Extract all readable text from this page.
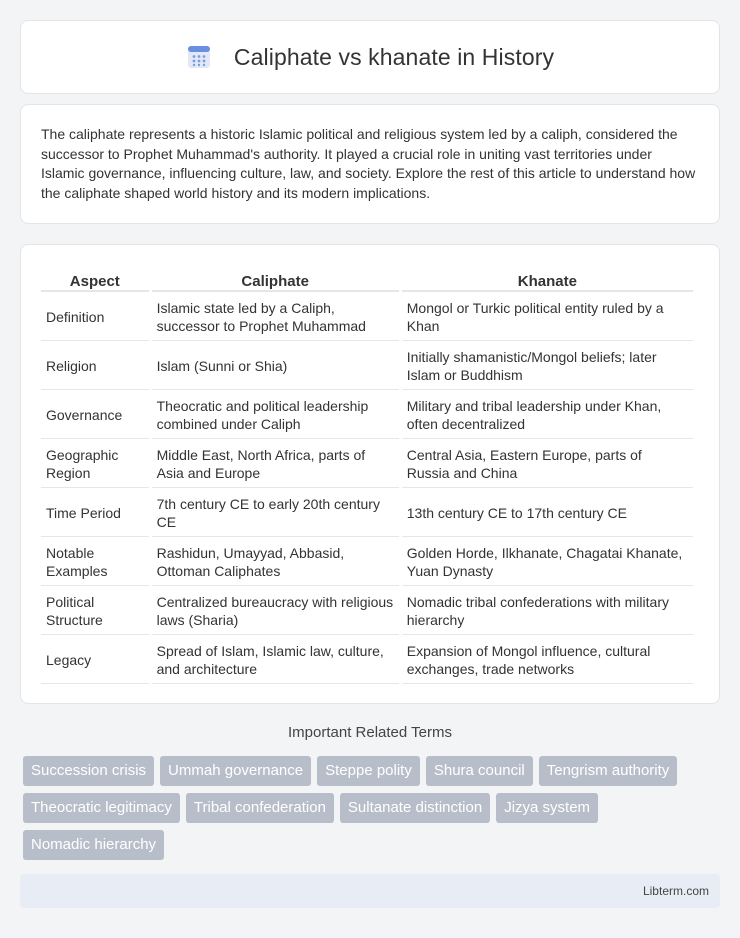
Caliphate vs khanate in History

The caliphate represents a historic Islamic political and religious system led by a caliph, considered the successor to Prophet Muhammad's authority. It played a crucial role in uniting vast territories under Islamic governance, influencing culture, law, and society. Explore the rest of this article to understand how the caliphate shaped world history and its modern implications.

Aspect	Caliphate	Khanate
Definition	Islamic state led by a Caliph, successor to Prophet Muhammad	Mongol or Turkic political entity ruled by a Khan
Religion	Islam (Sunni or Shia)	Initially shamanistic/Mongol beliefs; later Islam or Buddhism
Governance	Theocratic and political leadership combined under Caliph	Military and tribal leadership under Khan, often decentralized
Geographic Region	Middle East, North Africa, parts of Asia and Europe	Central Asia, Eastern Europe, parts of Russia and China
Time Period	7th century CE to early 20th century CE	13th century CE to 17th century CE
Notable Examples	Rashidun, Umayyad, Abbasid, Ottoman Caliphates	Golden Horde, Ilkhanate, Chagatai Khanate, Yuan Dynasty
Political Structure	Centralized bureaucracy with religious laws (Sharia)	Nomadic tribal confederations with military hierarchy
Legacy	Spread of Islam, Islamic law, culture, and architecture	Expansion of Mongol influence, cultural exchanges, trade networks
Important Related Terms
Succession crisis	Ummah governance	Steppe polity	Shura council	Tengrism authority
Theocratic legitimacy	Tribal confederation	Sultanate distinction	Jizya system
Nomadic hierarchy
Libterm.com
